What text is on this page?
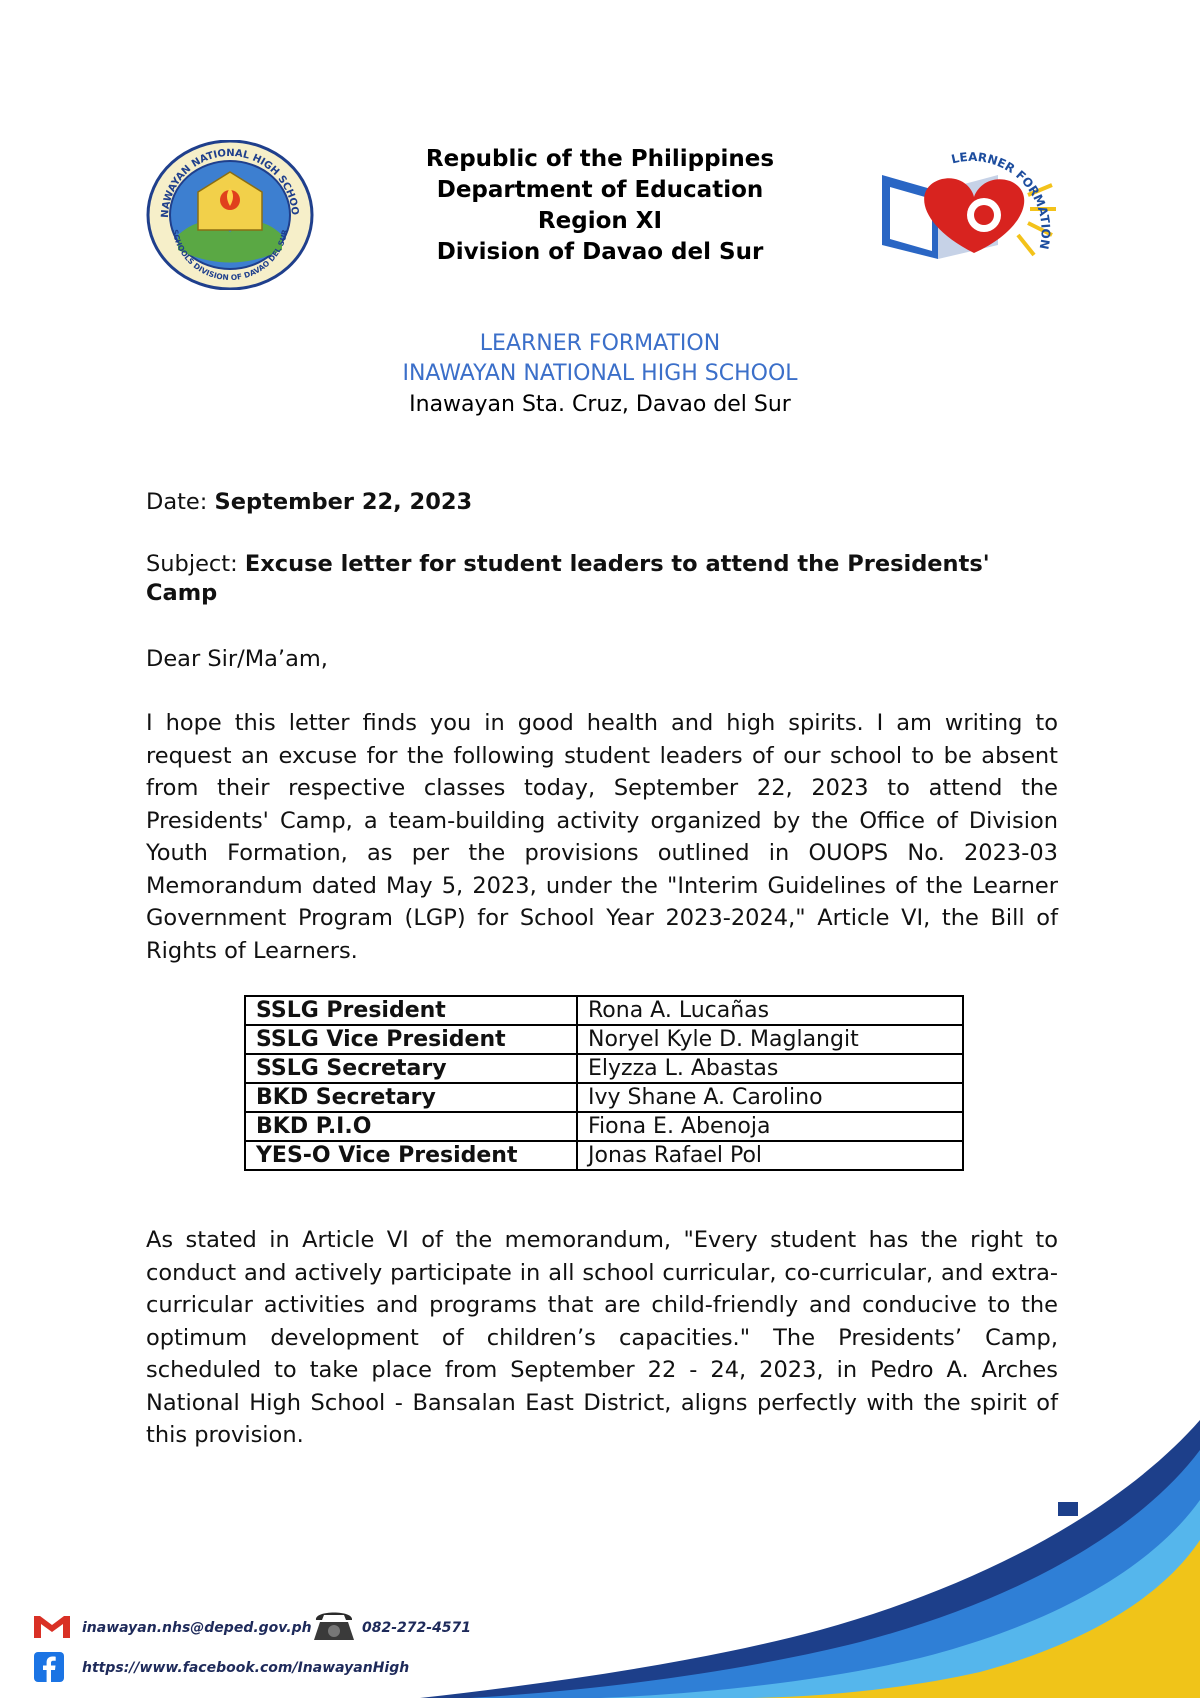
NAWAYAN NATIONAL HIGH SCHOO
SCHOOLS DIVISION OF DAVAO DEL SUR
LEARNER FORMATION
Republic of the Philippines
Department of Education
Region XI
Division of Davao del Sur
LEARNER FORMATION
INAWAYAN NATIONAL HIGH SCHOOL
Inawayan Sta. Cruz, Davao del Sur
Date: September 22, 2023
Subject: Excuse letter for student leaders to attend the Presidents' Camp
Dear Sir/Ma’am,
I hope this letter finds you in good health and high spirits. I am writing to request an excuse for the following student leaders of our school to be absent from their respective classes today, September 22, 2023 to attend the Presidents' Camp, a team-building activity organized by the Office of Division Youth Formation, as per the provisions outlined in OUOPS No. 2023-03 Memorandum dated May 5, 2023, under the "Interim Guidelines of the Learner Government Program (LGP) for School Year 2023-2024," Article VI, the Bill of Rights of Learners.
SSLG President	Rona A. Lucañas
SSLG Vice President	Noryel Kyle D. Maglangit
SSLG Secretary	Elyzza L. Abastas
BKD Secretary	Ivy Shane A. Carolino
BKD P.I.O	Fiona E. Abenoja
YES-O Vice President	Jonas Rafael Pol
As stated in Article VI of the memorandum, "Every student has the right to conduct and actively participate in all school curricular, co-curricular, and extra-curricular activities and programs that are child-friendly and conducive to the optimum development of children’s capacities." The Presidents’ Camp, scheduled to take place from September 22 - 24, 2023, in Pedro A. Arches National High School - Bansalan East District, aligns perfectly with the spirit of this provision.
inawayan.nhs@deped.gov.ph	082-272-4571
https://www.facebook.com/InawayanHigh
